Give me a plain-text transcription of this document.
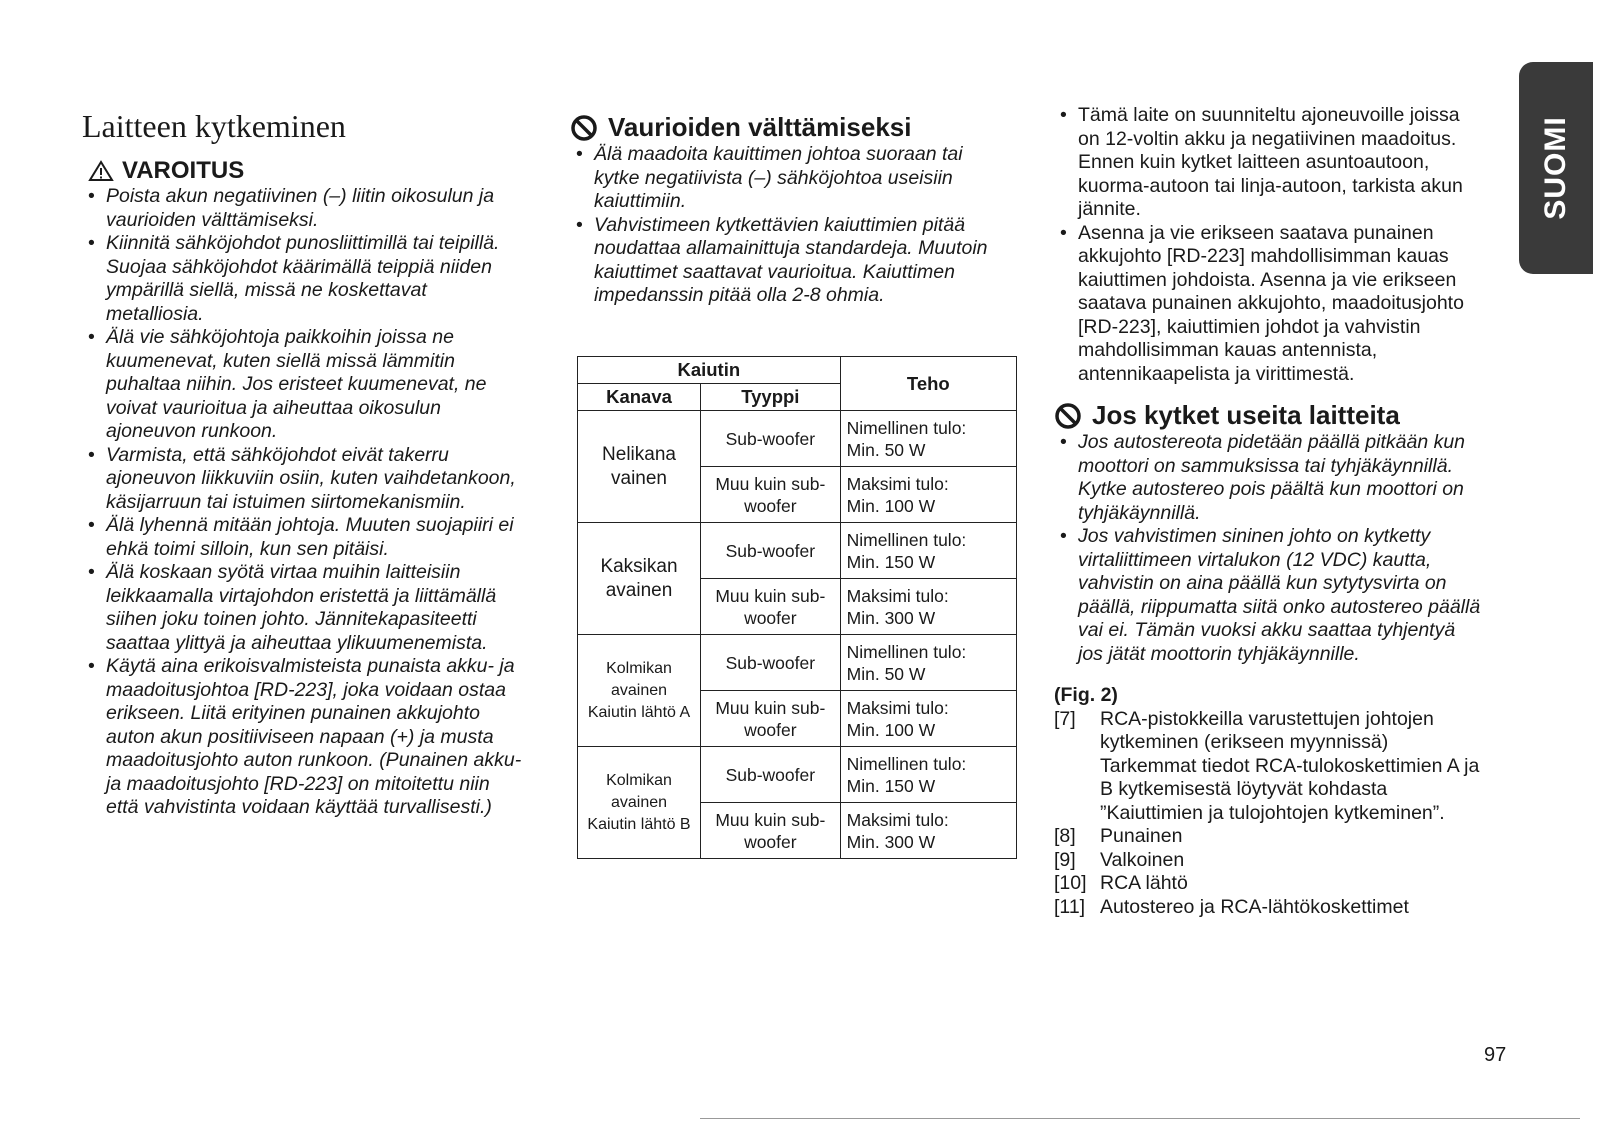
Laitteen kytkeminen
VAROITUS
• Poista akun negatiivinen (–) liitin oikosulun ja vaurioiden välttämiseksi.
• Kiinnitä sähköjohdot punosliittimillä tai teipillä. Suojaa sähköjohdot käärimällä teippiä niiden ympärillä siellä, missä ne koskettavat metalliosia.
• Älä vie sähköjohtoja paikkoihin joissa ne kuumenevat, kuten siellä missä lämmitin puhaltaa niihin. Jos eristeet kuumenevat, ne voivat vaurioitua ja aiheuttaa oikosulun ajoneuvon runkoon.
• Varmista, että sähköjohdot eivät takerru ajoneuvon liikkuviin osiin, kuten vaihdetankoon, käsijarruun tai istuimen siirtomekanismiin.
• Älä lyhennä mitään johtoja. Muuten suojapiiri ei ehkä toimi silloin, kun sen pitäisi.
• Älä koskaan syötä virtaa muihin laitteisiin leikkaamalla virtajohdon eristettä ja liittämällä siihen joku toinen johto. Jännitekapasiteetti saattaa ylittyä ja aiheuttaa ylikuumenemista.
• Käytä aina erikoisvalmisteista punaista akku- ja maadoitusjohtoa [RD-223], joka voidaan ostaa erikseen. Liitä erityinen punainen akkujohto auton akun positiiviseen napaan (+) ja musta maadoitusjohto auton runkoon. (Punainen akku-ja maadoitusjohto [RD-223] on mitoitettu niin että vahvistinta voidaan käyttää turvallisesti.)
Vaurioiden välttämiseksi
• Älä maadoita kauittimen johtoa suoraan tai kytke negatiivista (–) sähköjohtoa useisiin kaiuttimiin.
• Vahvistimeen kytkettävien kaiuttimien pitää noudattaa allamainittuja standardeja. Muutoin kaiuttimet saattavat vaurioitua. Kaiuttimen impedanssin pitää olla 2-8 ohmia.
Kaiutin		Teho
Kanava	Tyyppi	
Nelikanavainen	Sub-woofer	Nimellinen tulo:
Min. 50 W
	Muu kuin sub-woofer	Maksimi tulo:
Min. 100 W
Kaksikanavainen	Sub-woofer	Nimellinen tulo:
Min. 150 W
	Muu kuin sub-woofer	Maksimi tulo:
Min. 300 W
Kolmikanavainen
Kaiutin lähtö A	Sub-woofer	Nimellinen tulo:
Min. 50 W
	Muu kuin sub-woofer	Maksimi tulo:
Min. 100 W
Kolmikanavainen
Kaiutin lähtö B	Sub-woofer	Nimellinen tulo:
Min. 150 W
	Muu kuin sub-woofer	Maksimi tulo:
Min. 300 W
• Tämä laite on suunniteltu ajoneuvoille joissa on 12-voltin akku ja negatiivinen maadoitus. Ennen kuin kytket laitteen asuntoautoon, kuorma-autoon tai linja-autoon, tarkista akun jännite.
• Asenna ja vie erikseen saatava punainen akkujohto [RD-223] mahdollisimman kauas kaiuttimen johdoista. Asenna ja vie erikseen saatava punainen akkujohto, maadoitusjohto [RD-223], kaiuttimien johdot ja vahvistin mahdollisimman kauas antennista, antennikaapelista ja virittimestä.
Jos kytket useita laitteita
• Jos autostereota pidetään päällä pitkään kun moottori on sammuksissa tai tyhjäkäynnillä. Kytke autostereo pois päältä kun moottori on tyhjäkäynnillä.
• Jos vahvistimen sininen johto on kytketty virtaliittimeen virtalukon (12 VDC) kautta, vahvistin on aina päällä kun sytytysvirta on päällä, riippumatta siitä onko autostereo päällä vai ei. Tämän vuoksi akku saattaa tyhjentyä jos jätät moottorin tyhjäkäynnille.
(Fig. 2)
[7]	RCA-pistokkeilla varustettujen johtojen kytkeminen (erikseen myynnissä) Tarkemmat tiedot RCA-tulokoskettimien A ja B kytkemisestä löytyvät kohdasta ”Kaiuttimien ja tulojohtojen kytkeminen”.
[8]	Punainen
[9]	Valkoinen
[10] RCA lähtö
[11] Autostereo ja RCA-lähtökoskettimet
SUOMI
97
